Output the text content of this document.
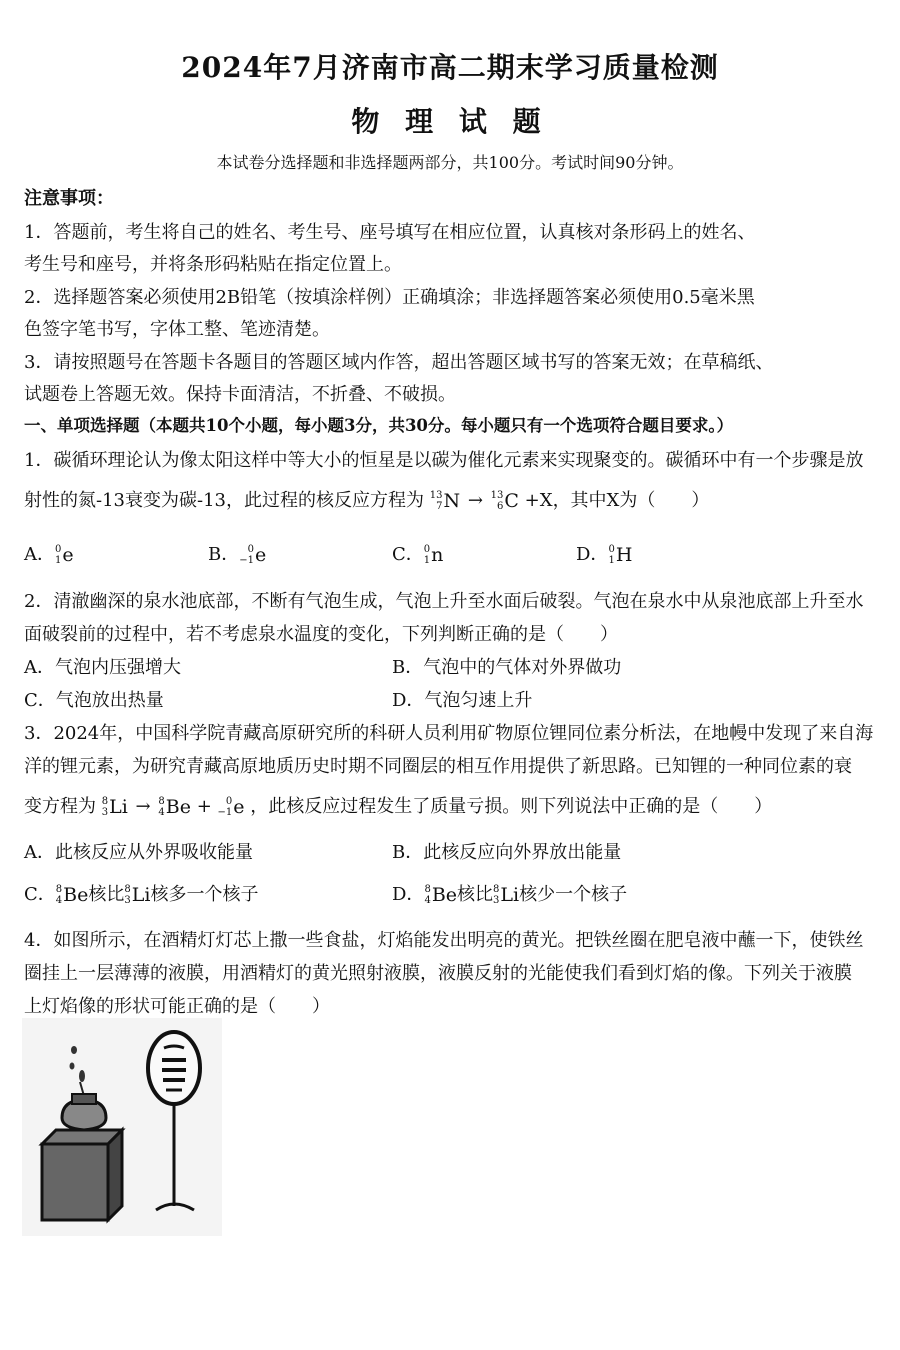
2024年7月济南市高二期末学习质量检测
物 理 试 题
本试卷分选择题和非选择题两部分，共100分。考试时间90分钟。
注意事项：
1．答题前，考生将自己的姓名、考生号、座号填写在相应位置，认真核对条形码上的姓名、
考生号和座号，并将条形码粘贴在指定位置上。
2．选择题答案必须使用2B铅笔（按填涂样例）正确填涂；非选择题答案必须使用0.5毫米黑
色签字笔书写，字体工整、笔迹清楚。
3．请按照题号在答题卡各题目的答题区域内作答，超出答题区域书写的答案无效；在草稿纸、
试题卷上答题无效。保持卡面清洁，不折叠、不破损。
一、单项选择题（本题共10个小题，每小题3分，共30分。每小题只有一个选项符合题目要求。）
1．碳循环理论认为像太阳这样中等大小的恒星是以碳为催化元素来实现聚变的。碳循环中有一个步骤是放
射性的氮-13衰变为碳-13，此过程的核反应方程为 13
7 N → 13
6 C +X，其中X为（　　）
A． 0
1 e	B． 0
−1 e	C． 0
1 n	D． 0
1 H
2．清澈幽深的泉水池底部，不断有气泡生成，气泡上升至水面后破裂。气泡在泉水中从泉池底部上升至水
面破裂前的过程中，若不考虑泉水温度的变化，下列判断正确的是（　　）
A．气泡内压强增大	B．气泡中的气体对外界做功
C．气泡放出热量	D．气泡匀速上升
3．2024年，中国科学院青藏高原研究所的科研人员利用矿物原位锂同位素分析法，在地幔中发现了来自海
洋的锂元素，为研究青藏高原地质历史时期不同圈层的相互作用提供了新思路。已知锂的一种同位素的衰
变方程为 8
3 Li → 8
4 Be +	0
−1 e ，此核反应过程发生了质量亏损。则下列说法中正确的是（　　）
A．此核反应从外界吸收能量	B．此核反应向外界放出能量
C． 8
4 Be 核比 8
3 Li 核多一个核子	D． 8
4 Be 核比 8
3 Li 核少一个核子
4．如图所示，在酒精灯灯芯上撒一些食盐，灯焰能发出明亮的黄光。把铁丝圈在肥皂液中蘸一下，使铁丝
圈挂上一层薄薄的液膜，用酒精灯的黄光照射液膜，液膜反射的光能使我们看到灯焰的像。下列关于液膜
上灯焰像的形状可能正确的是（　　）
